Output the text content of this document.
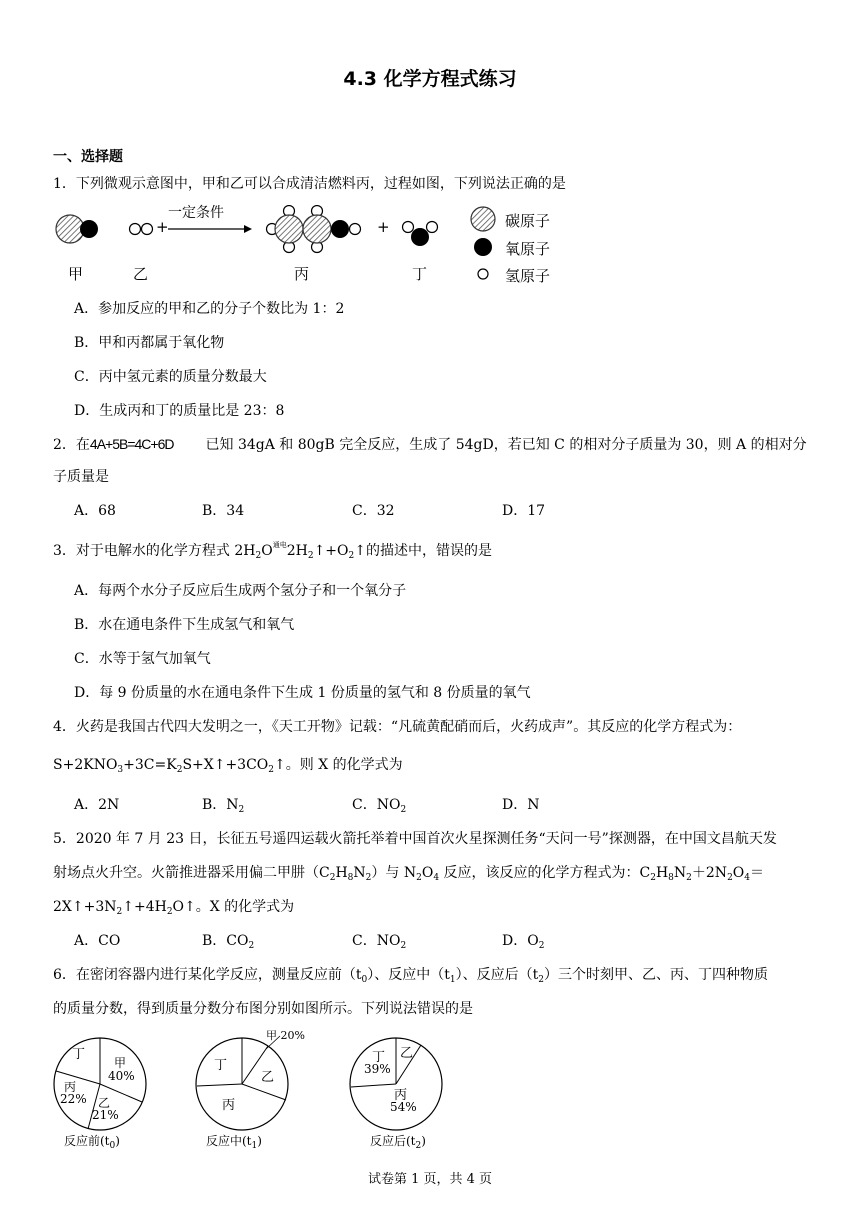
4.3 化学方程式练习
一、选择题
1．下列微观示意图中，甲和乙可以合成清洁燃料丙，过程如图，下列说法正确的是
一定条件
+	+
甲	乙	丙	丁
碳原子
氧原子
氢原子
A．参加反应的甲和乙的分子个数比为 1：2
B．甲和丙都属于氧化物
C．丙中氢元素的质量分数最大
D．生成丙和丁的质量比是 23：8
2．在4A+5B=4C+6D 已知 34gA 和 80gB 完全反应，生成了 54gD，若已知 C 的相对分子质量为 30，则 A 的相对分
子质量是
A．68	B．34	C．32	D．17
3．对于电解水的化学方程式 $2H_2O^{通电}2H_2↑+O_2↑$的描述中，错误的是
A．每两个水分子反应后生成两个氢分子和一个氧分子
B．水在通电条件下生成氢气和氧气
C．水等于氢气加氧气
D．每 9 份质量的水在通电条件下生成 1 份质量的氢气和 8 份质量的氧气
4．火药是我国古代四大发明之一，《天工开物》记载：“凡硫黄配硝而后，火药成声”。其反应的化学方程式为：
$S+2KNO_3+3C=K_2S+X↑+3CO_2↑$。则 X 的化学式为
A．2N	B．$N_2$	C．$NO_2$	D．N
5．2020 年 7 月 23 日，长征五号遥四运载火箭托举着中国首次火星探测任务“天问一号”探测器，在中国文昌航天发
射场点火升空。火箭推进器采用偏二甲肼$(C_2H_8N_2)$与 $N_2O_4$ 反应，该反应的化学方程式为：$C_2H_8N_2+2N_2O_4=$
$2X↑+3N_2↑+4H_2O↑$。X 的化学式为
A．CO	B．$CO_2$	C．$NO_2$	D．$O_2$
6．在密闭容器内进行某化学反应，测量反应前$(t_0)$、反应中$(t_1)$、反应后$(t_2)$三个时刻甲、乙、丙、丁四种物质
的质量分数，得到质量分数分布图分别如图所示。下列说法错误的是
丁
甲
40%
丙
22% 乙
21%
反应前$(t_0)$
甲 20%
丁
乙
丙
反应中$(t_1)$
丁
39%
乙
丙
54%
反应后$(t_2)$
试卷第 1 页，共 4 页
